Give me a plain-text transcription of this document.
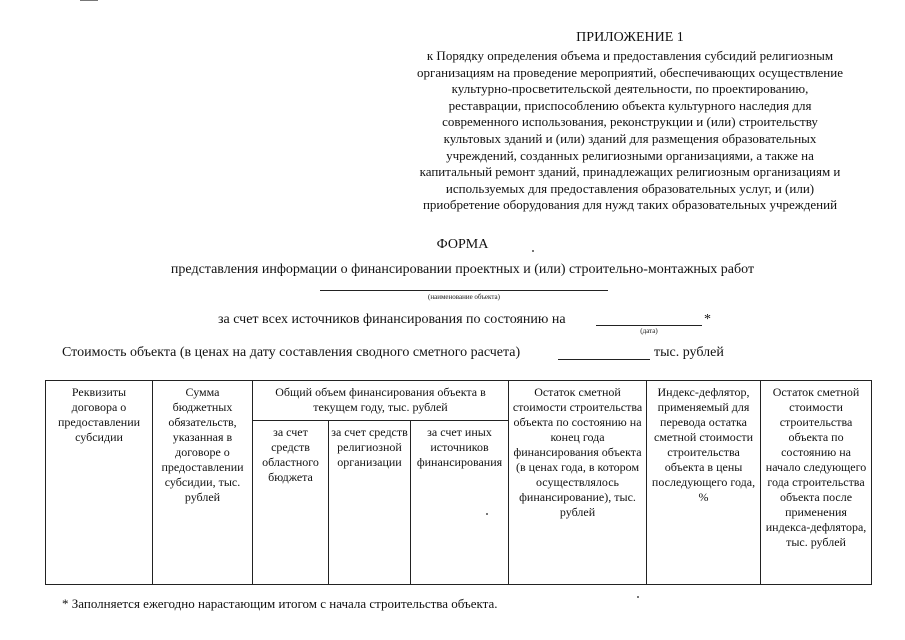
ПРИЛОЖЕНИЕ 1
к Порядку определения объема и предоставления субсидий религиозным
организациям на проведение мероприятий, обеспечивающих осуществление
культурно-просветительской деятельности, по проектированию,
реставрации, приспособлению объекта культурного наследия для
современного использования, реконструкции и (или) строительству
культовых зданий и (или) зданий для размещения образовательных
учреждений, созданных религиозными организациями, а также на
капитальный ремонт зданий, принадлежащих религиозным организациям и
используемых для предоставления образовательных услуг, и (или)
приобретение оборудования для нужд таких образовательных учреждений
ФОРМА
представления информации о финансировании проектных и (или) строительно-монтажных работ
(наименование объекта)
за счет всех источников финансирования по состоянию на
(дата)
*
Стоимость объекта (в ценах на дату составления сводного сметного расчета)	тыс. рублей
Реквизиты договора о предоставлении субсидии	Сумма бюджетных обязательств, указанная в договоре о предоставлении субсидии, тыс. рублей	Общий объем финансирования объекта в текущем году, тыс. рублей			Остаток сметной стоимости строительства объекта по состоянию на конец года финансирования объекта (в ценах года, в котором осуществлялось финансирование), тыс. рублей	Индекс-дефлятор, применяемый для перевода остатка сметной стоимости строительства объекта в цены последующего года, %	Остаток сметной стоимости строительства объекта по состоянию на начало следующего года строительства объекта после применения индекса-дефлятора, тыс. рублей
		за счет средств областного бюджета	за счет средств религиозной организации	за счет иных источников финансирования			
* Заполняется ежегодно нарастающим итогом с начала строительства объекта.
